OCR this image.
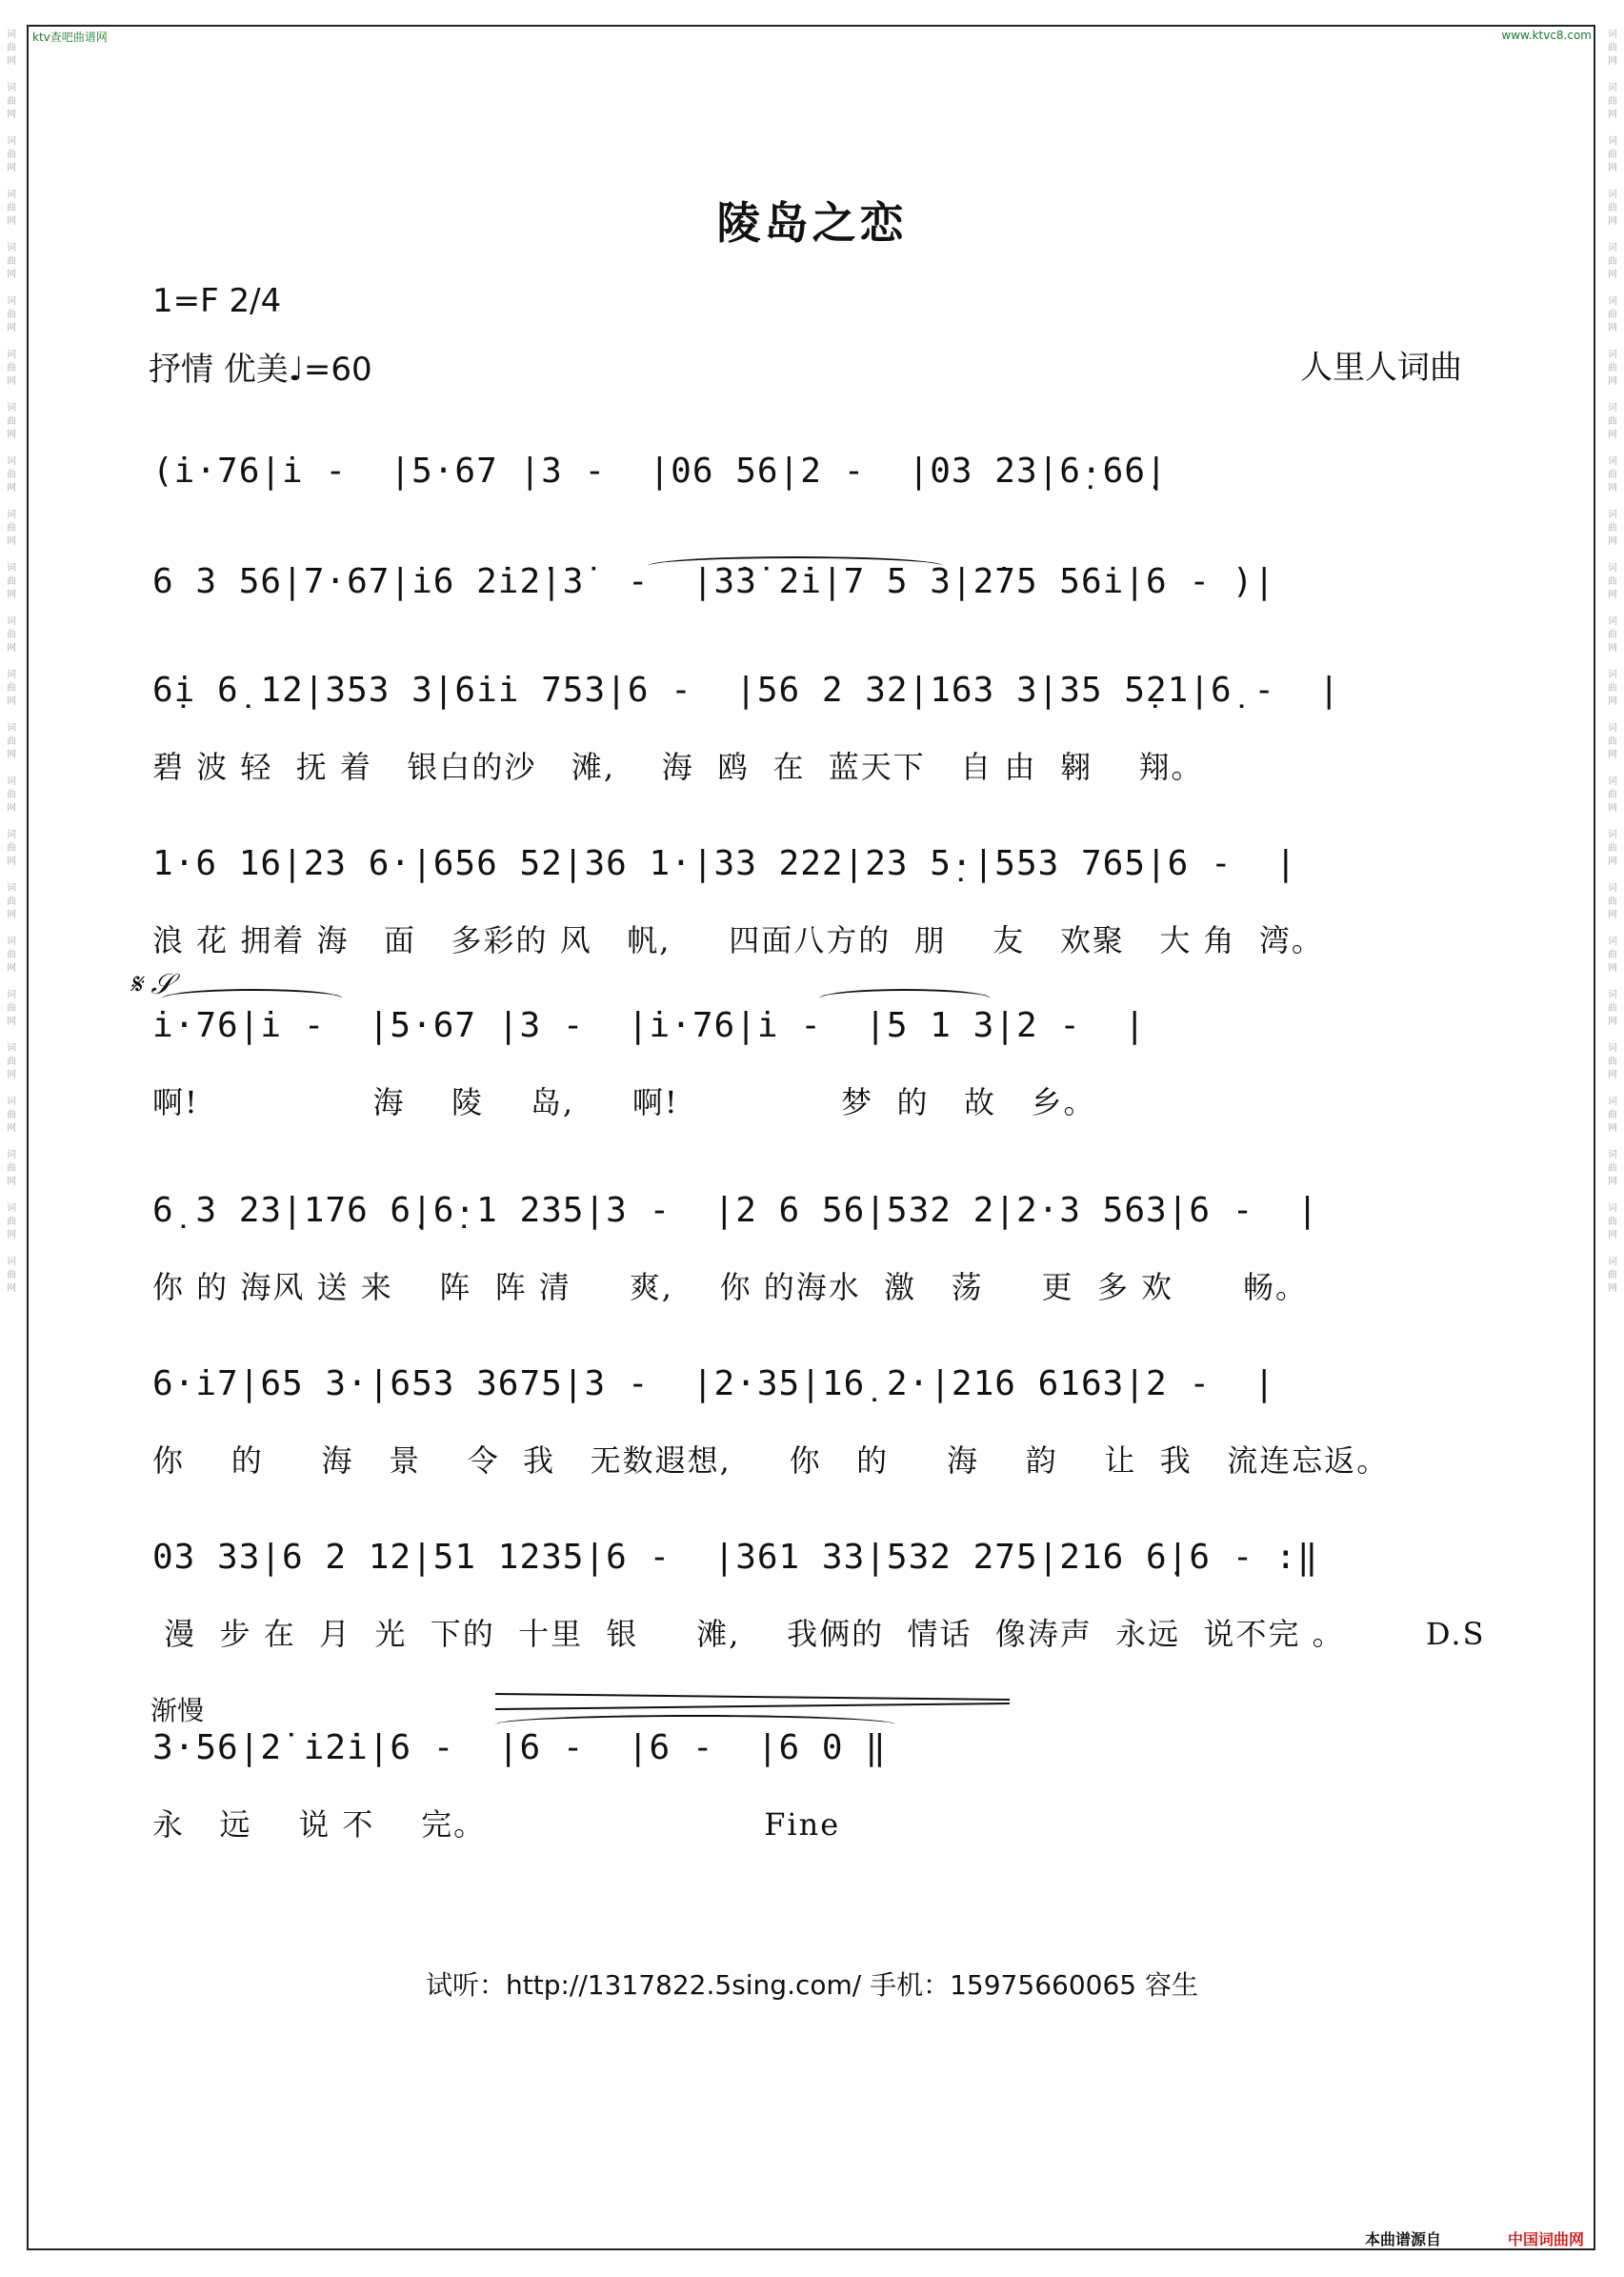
词
曲
网

词
曲
网

词
曲
网

词
曲
网

词
曲
网

词
曲
网

词
曲
网

词
曲
网

词
曲
网

词
曲
网

词
曲
网

词
曲
网

词
曲
网

词
曲
网

词
曲
网

词
曲
网

词
曲
网

词
曲
网

词
曲
网

词
曲
网

词
曲
网

词
曲
网

词
曲
网

词
曲
网
词
曲
网

词
曲
网

词
曲
网

词
曲
网

词
曲
网

词
曲
网

词
曲
网

词
曲
网

词
曲
网

词
曲
网

词
曲
网

词
曲
网

词
曲
网

词
曲
网

词
曲
网

词
曲
网

词
曲
网

词
曲
网

词
曲
网

词
曲
网

词
曲
网

词
曲
网

词
曲
网

词
曲
网
ktv查吧曲谱网	www.ktvc8.com
陵岛之恋
1=F 2/4
抒情 优美♩=60	人里人词曲
(i̇·76|i̇ -  |5·67 |3 -  |06 56|2 -  |03 23|6̣·66̣|
6 3 56|7·67|i̇6 2̇i̇2̇|3̇  -  |3̇3̇ 2̇i̇|7 5 3|2̇75 56i̇|6 - )|
6̣i 6̣ 12|353 3|6i̇i̇ 753|6 -  |56 2 32|163 3|35 5̣21|6̣ -  |
碧 波 轻  抚 着   银白的沙   滩,    海  鸥  在  蓝天下   自 由  翱    翔。
1·6 16|23 6·|656 52|36 1·|33 222|23 5̣·|553 765|6 -  |
浪 花 拥着 海   面   多彩的 风   帆,     四面八方的  朋    友   欢聚   大 角  湾。
𝄋 𝒮
i̇·76|i̇ -  |5·67 |3 -  |i̇·76|i̇ -  |5 1 3|2 -  |
啊!               海    陵    岛,     啊!              梦  的   故   乡。
6̣ 3 23|176 6̣|6̣·1 235|3 -  |2 6 56|532 2|2·3 563|6 -  |
你 的 海风 送 来    阵  阵 清     爽,    你 的海水  激   荡     更  多 欢      畅。
6·i̇7|65 3·|653 3675|3 -  |2·35|16̣ 2·|216 6163|2 -  |
你    的     海   景    令  我   无数遐想,     你   的     海    韵    让  我   流连忘返。
03 33|6 2 12|51 1235|6 -  |361 33|532 275|216 6̣|6 - :‖
漫  步 在  月  光  下的  十里  银     滩,    我俩的  情话  像涛声  永远  说不完 。       D.S
渐慢
3·56|2̇ i̇2̇i̇|6 -  |6 -  |6 -  |6 0 ‖
永   远    说 不    完。                        Fine
试听：http://1317822.5sing.com/ 手机：15975660065 容生
本曲谱源自	中国词曲网
